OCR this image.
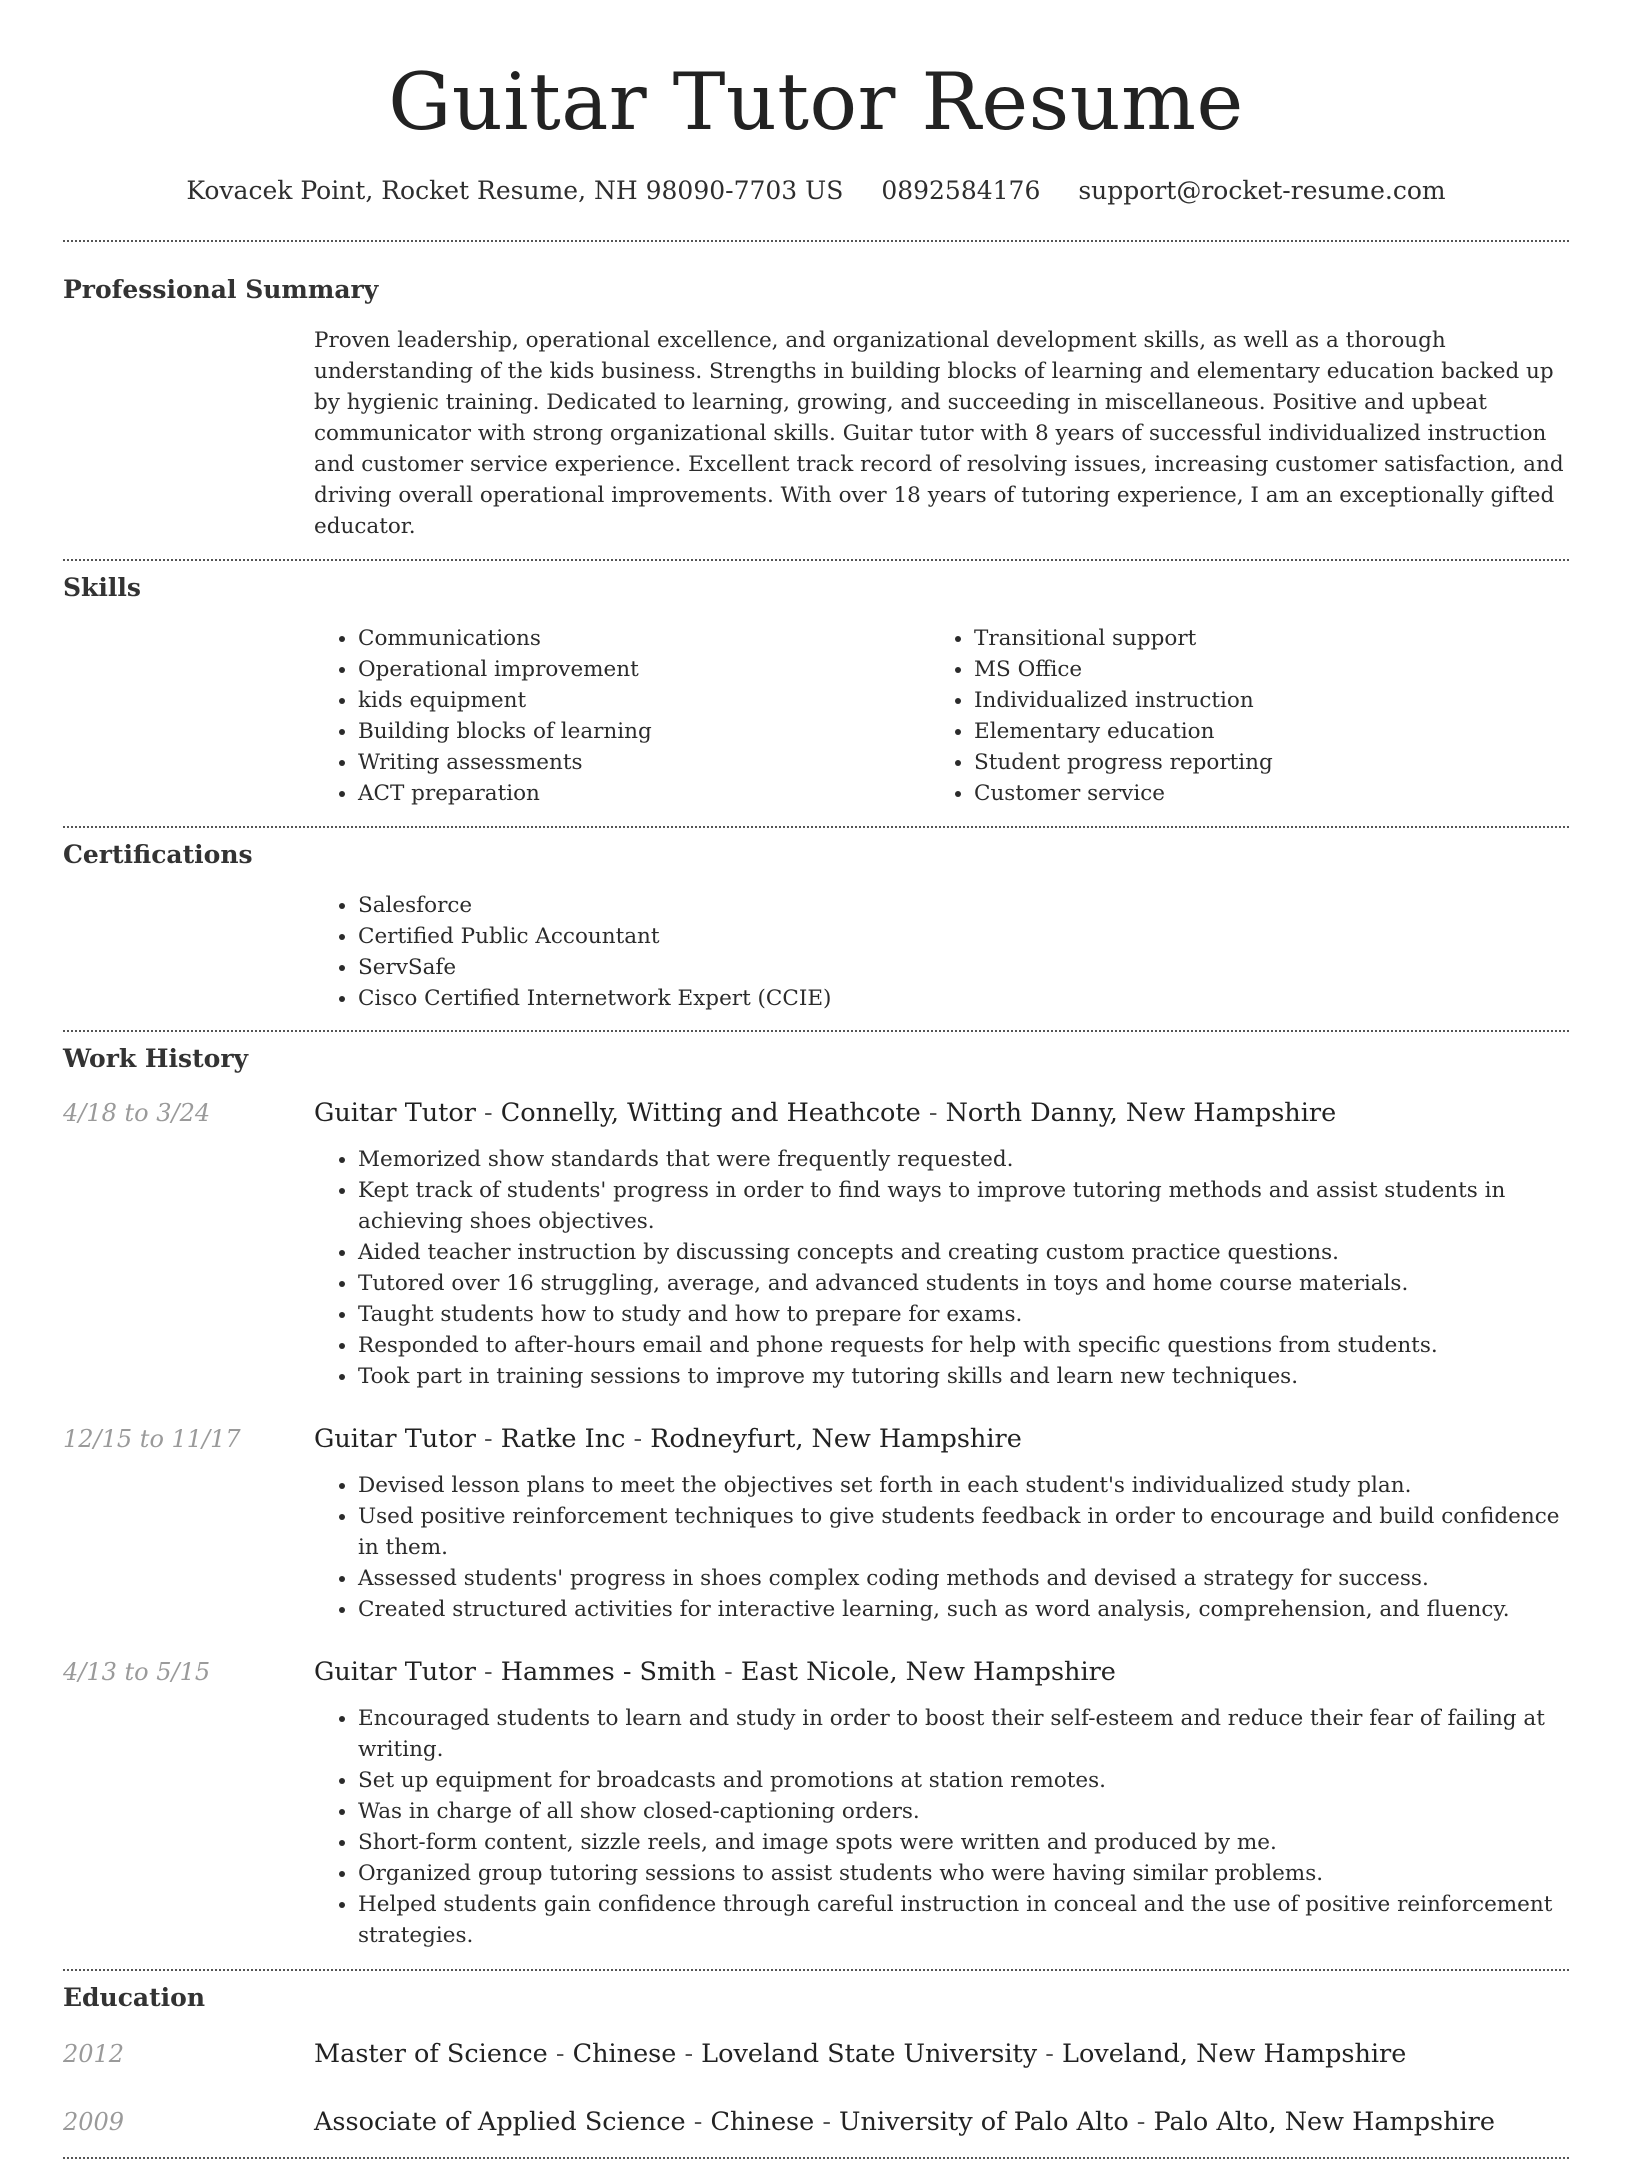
Guitar Tutor Resume
Kovacek Point, Rocket Resume, NH 98090-7703 US 0892584176 support@rocket-resume.com
Professional Summary

Proven leadership, operational excellence, and organizational development skills, as well as a thorough understanding of the kids business. Strengths in building blocks of learning and elementary education backed up by hygienic training. Dedicated to learning, growing, and succeeding in miscellaneous. Positive and upbeat communicator with strong organizational skills. Guitar tutor with 8 years of successful individualized instruction and customer service experience. Excellent track record of resolving issues, increasing customer satisfaction, and driving overall operational improvements. With over 18 years of tutoring experience, I am an exceptionally gifted educator.

Skills
• Communications
• Operational improvement
• kids equipment
• Building blocks of learning
• Writing assessments
• ACT preparation
• Transitional support
• MS Office
• Individualized instruction
• Elementary education
• Student progress reporting
• Customer service
Certifications
• Salesforce
• Certified Public Accountant
• ServSafe
• Cisco Certified Internetwork Expert (CCIE)
Work History
4/18 to 3/24	Guitar Tutor - Connelly, Witting and Heathcote - North Danny, New Hampshire
• Memorized show standards that were frequently requested.
• Kept track of students' progress in order to find ways to improve tutoring methods and assist students in achieving shoes objectives.
• Aided teacher instruction by discussing concepts and creating custom practice questions.
• Tutored over 16 struggling, average, and advanced students in toys and home course materials.
• Taught students how to study and how to prepare for exams.
• Responded to after-hours email and phone requests for help with specific questions from students.
• Took part in training sessions to improve my tutoring skills and learn new techniques.
12/15 to 11/17	Guitar Tutor - Ratke Inc - Rodneyfurt, New Hampshire
• Devised lesson plans to meet the objectives set forth in each student's individualized study plan.
• Used positive reinforcement techniques to give students feedback in order to encourage and build confidence in them.
• Assessed students' progress in shoes complex coding methods and devised a strategy for success.
• Created structured activities for interactive learning, such as word analysis, comprehension, and fluency.
4/13 to 5/15	Guitar Tutor - Hammes - Smith - East Nicole, New Hampshire
• Encouraged students to learn and study in order to boost their self-esteem and reduce their fear of failing at writing.
• Set up equipment for broadcasts and promotions at station remotes.
• Was in charge of all show closed-captioning orders.
• Short-form content, sizzle reels, and image spots were written and produced by me.
• Organized group tutoring sessions to assist students who were having similar problems.
• Helped students gain confidence through careful instruction in conceal and the use of positive reinforcement strategies.
Education
2012	Master of Science - Chinese - Loveland State University - Loveland, New Hampshire
2009	Associate of Applied Science - Chinese - University of Palo Alto - Palo Alto, New Hampshire
